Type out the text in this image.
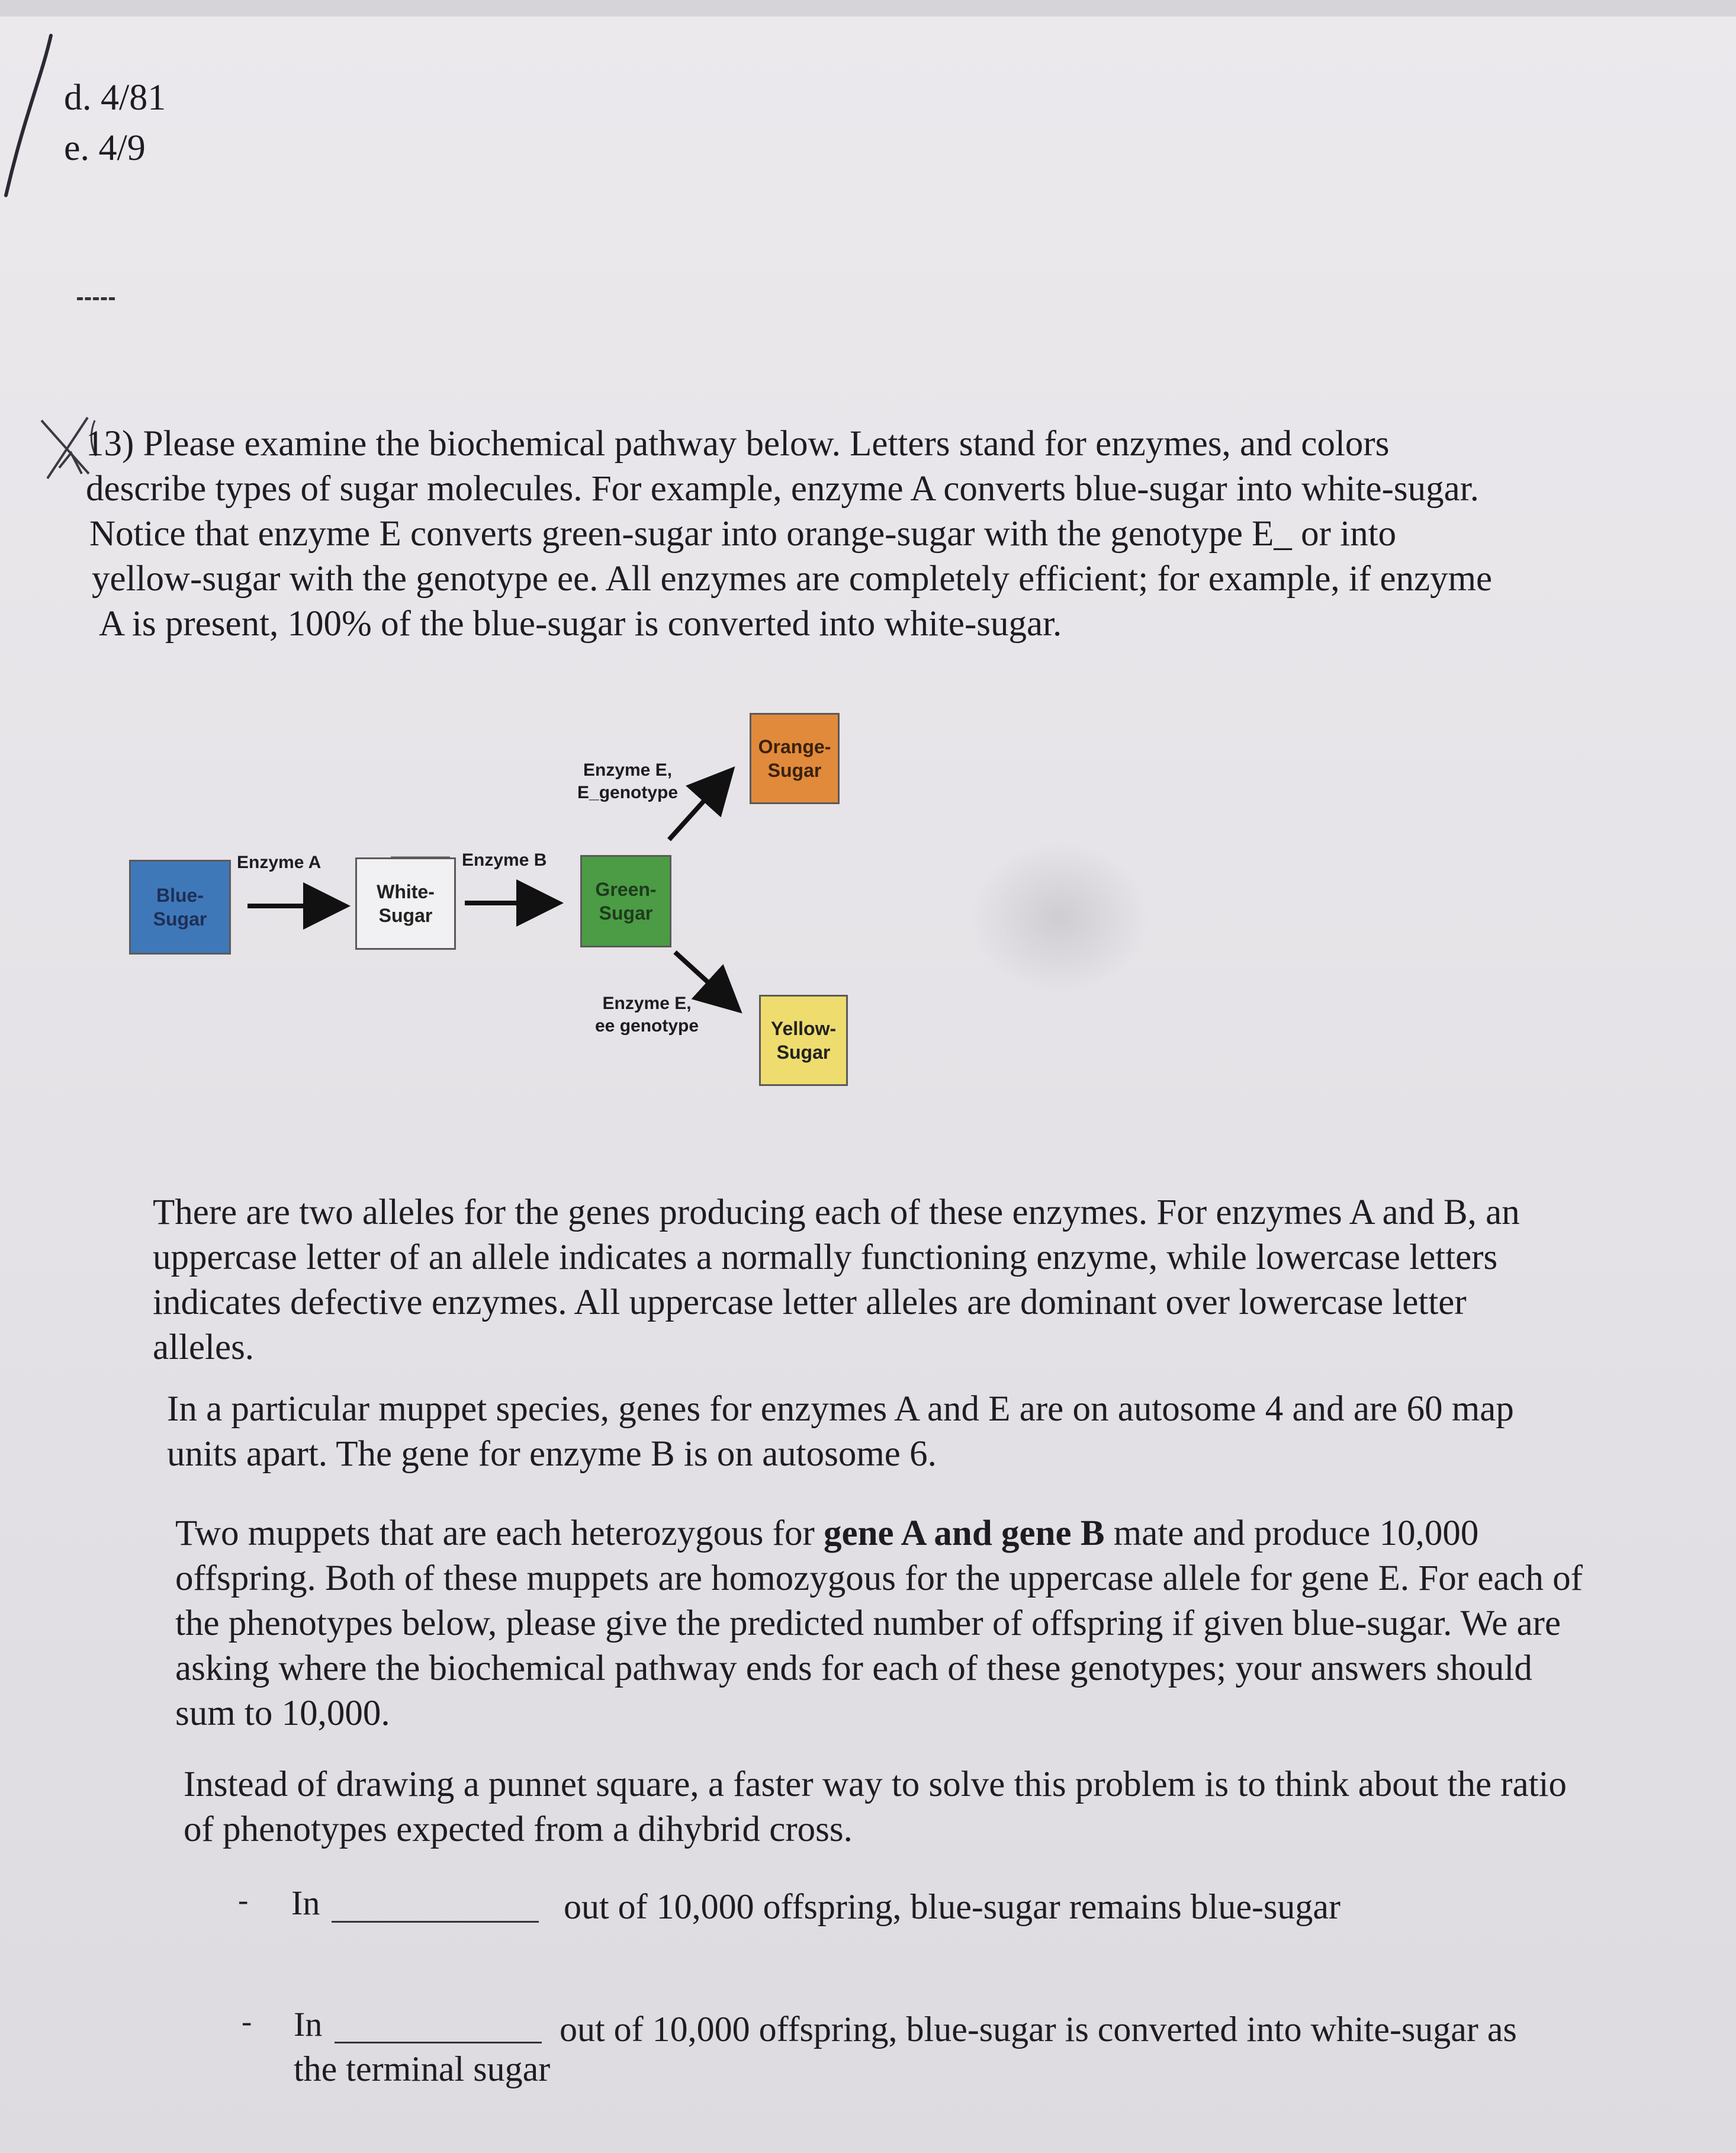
d. 4/81
e. 4/9
13) Please examine the biochemical pathway below. Letters stand for enzymes, and colors
describe types of sugar molecules. For example, enzyme A converts blue-sugar into white-sugar.
Notice that enzyme E converts green-sugar into orange-sugar with the genotype E_ or into
yellow-sugar with the genotype ee. All enzymes are completely efficient; for example, if enzyme
A is present, 100% of the blue-sugar is converted into white-sugar.
Blue-
Sugar
White-
Sugar
Green-
Sugar
Orange-
Sugar
Yellow-
Sugar
Enzyme A	Enzyme B
Enzyme E,
E_genotype
Enzyme E,
ee genotype
There are two alleles for the genes producing each of these enzymes. For enzymes A and B, an
uppercase letter of an allele indicates a normally functioning enzyme, while lowercase letters
indicates defective enzymes. All uppercase letter alleles are dominant over lowercase letter
alleles.
In a particular muppet species, genes for enzymes A and E are on autosome 4 and are 60 map
units apart. The gene for enzyme B is on autosome 6.
Two muppets that are each heterozygous for gene A and gene B mate and produce 10,000
offspring. Both of these muppets are homozygous for the uppercase allele for gene E. For each of
the phenotypes below, please give the predicted number of offspring if given blue-sugar. We are
asking where the biochemical pathway ends for each of these genotypes; your answers should
sum to 10,000.
Instead of drawing a punnet square, a faster way to solve this problem is to think about the ratio
of phenotypes expected from a dihybrid cross.
- In	out of 10,000 offspring, blue-sugar remains blue-sugar
- In	out of 10,000 offspring, blue-sugar is converted into white-sugar as
the terminal sugar
